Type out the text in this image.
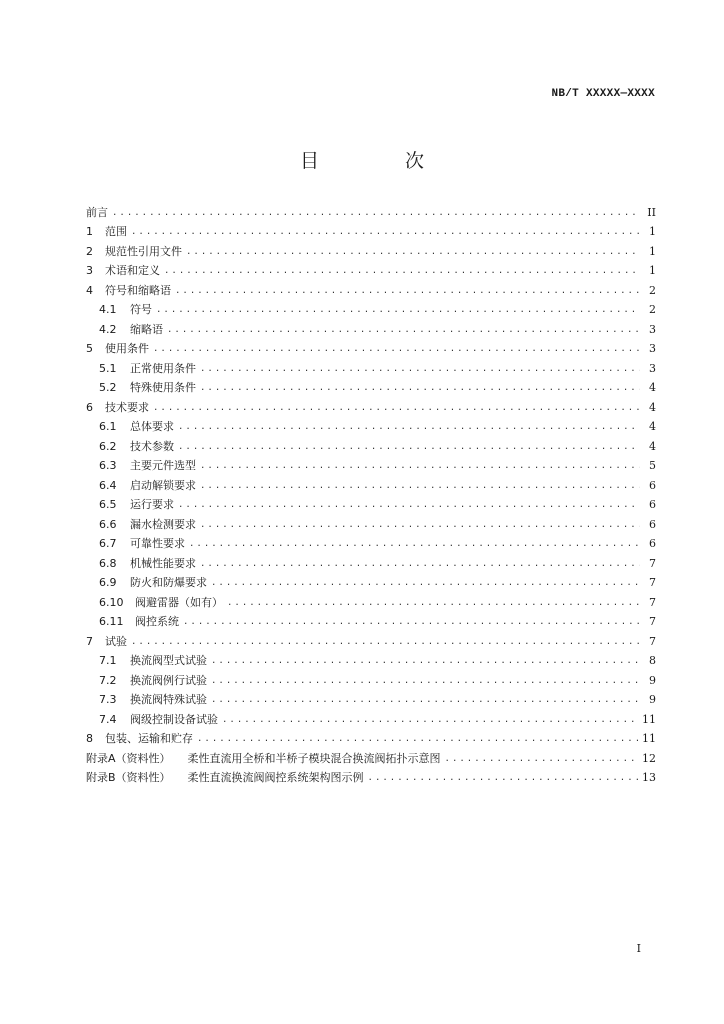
NB/T XXXXX—XXXX
目 次
前言 .....	II
1	范围 .....	1
2	规范性引用文件 .....	1
3	术语和定义 .....	1
4	符号和缩略语 .....	2
4.1	符号 .....	2
4.2	缩略语 .....	3
5	使用条件 .....	3
5.1	正常使用条件 .....	3
5.2	特殊使用条件 .....	4
6	技术要求 .....	4
6.1	总体要求 .....	4
6.2	技术参数 .....	4
6.3	主要元件选型 .....	5
6.4	启动解锁要求 .....	6
6.5	运行要求 .....	6
6.6	漏水检测要求 .....	6
6.7	可靠性要求 .....	6
6.8	机械性能要求 .....	7
6.9	防火和防爆要求 .....	7
6.10	阀避雷器（如有） .....	7
6.11	阀控系统 .....	7
7	试验 .....	7
7.1	换流阀型式试验 .....	8
7.2	换流阀例行试验 .....	9
7.3	换流阀特殊试验 .....	9
7.4	阀级控制设备试验 .....	11
8	包装、运输和贮存 .....	11
附录A（资料性） 柔性直流用全桥和半桥子模块混合换流阀拓扑示意图 .....	12
附录B（资料性） 柔性直流换流阀阀控系统架构图示例 .....	13
I
